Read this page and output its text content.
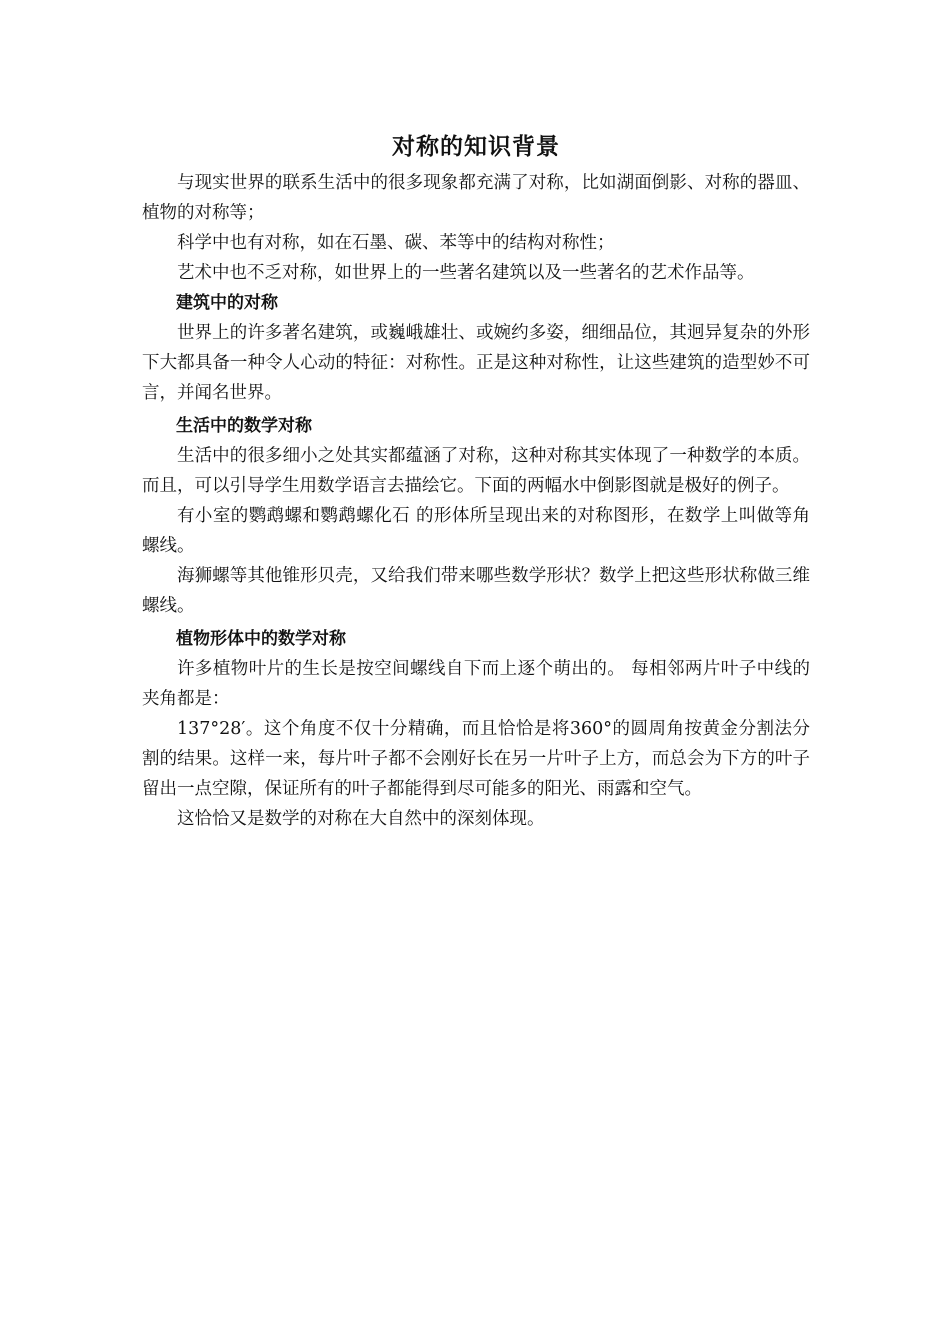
对称的知识背景

与现实世界的联系生活中的很多现象都充满了对称，比如湖面倒影、对称的器皿、植物的对称等；

科学中也有对称，如在石墨、碳、苯等中的结构对称性；

艺术中也不乏对称，如世界上的一些著名建筑以及一些著名的艺术作品等。

建筑中的对称

世界上的许多著名建筑，或巍峨雄壮、或婉约多姿，细细品位，其迥异复杂的外形下大都具备一种令人心动的特征：对称性。正是这种对称性，让这些建筑的造型妙不可言，并闻名世界。

生活中的数学对称

生活中的很多细小之处其实都蕴涵了对称，这种对称其实体现了一种数学的本质。而且，可以引导学生用数学语言去描绘它。下面的两幅水中倒影图就是极好的例子。

有小室的鹦鹉螺和鹦鹉螺化石 的形体所呈现出来的对称图形，在数学上叫做等角螺线。

海狮螺等其他锥形贝壳，又给我们带来哪些数学形状？数学上把这些形状称做三维螺线。

植物形体中的数学对称

许多植物叶片的生长是按空间螺线自下而上逐个萌出的。 每相邻两片叶子中线的夹角都是：

137°28′。这个角度不仅十分精确，而且恰恰是将360°的圆周角按黄金分割法分割的结果。这样一来，每片叶子都不会刚好长在另一片叶子上方，而总会为下方的叶子留出一点空隙，保证所有的叶子都能得到尽可能多的阳光、雨露和空气。

这恰恰又是数学的对称在大自然中的深刻体现。
